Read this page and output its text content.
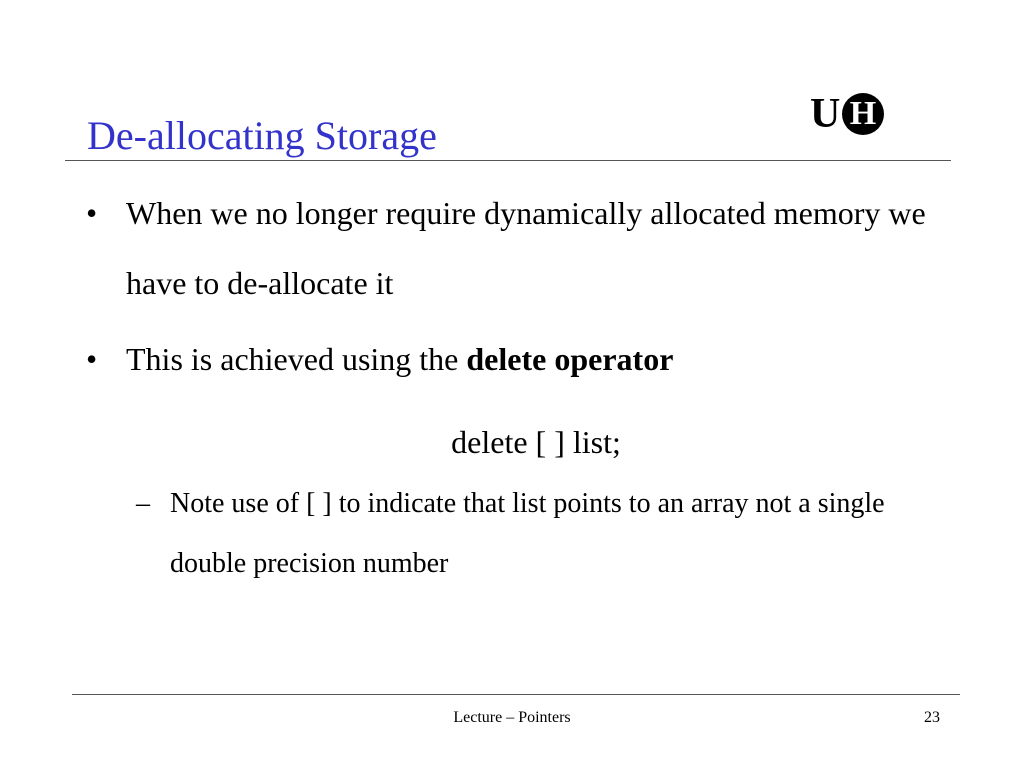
De-allocating Storage	U H
• When we no longer require dynamically allocated memory we have to de-allocate it
• This is achieved using the delete operator
delete [ ] list;
– Note use of [ ] to indicate that list points to an array not a single double precision number
Lecture – Pointers	23
